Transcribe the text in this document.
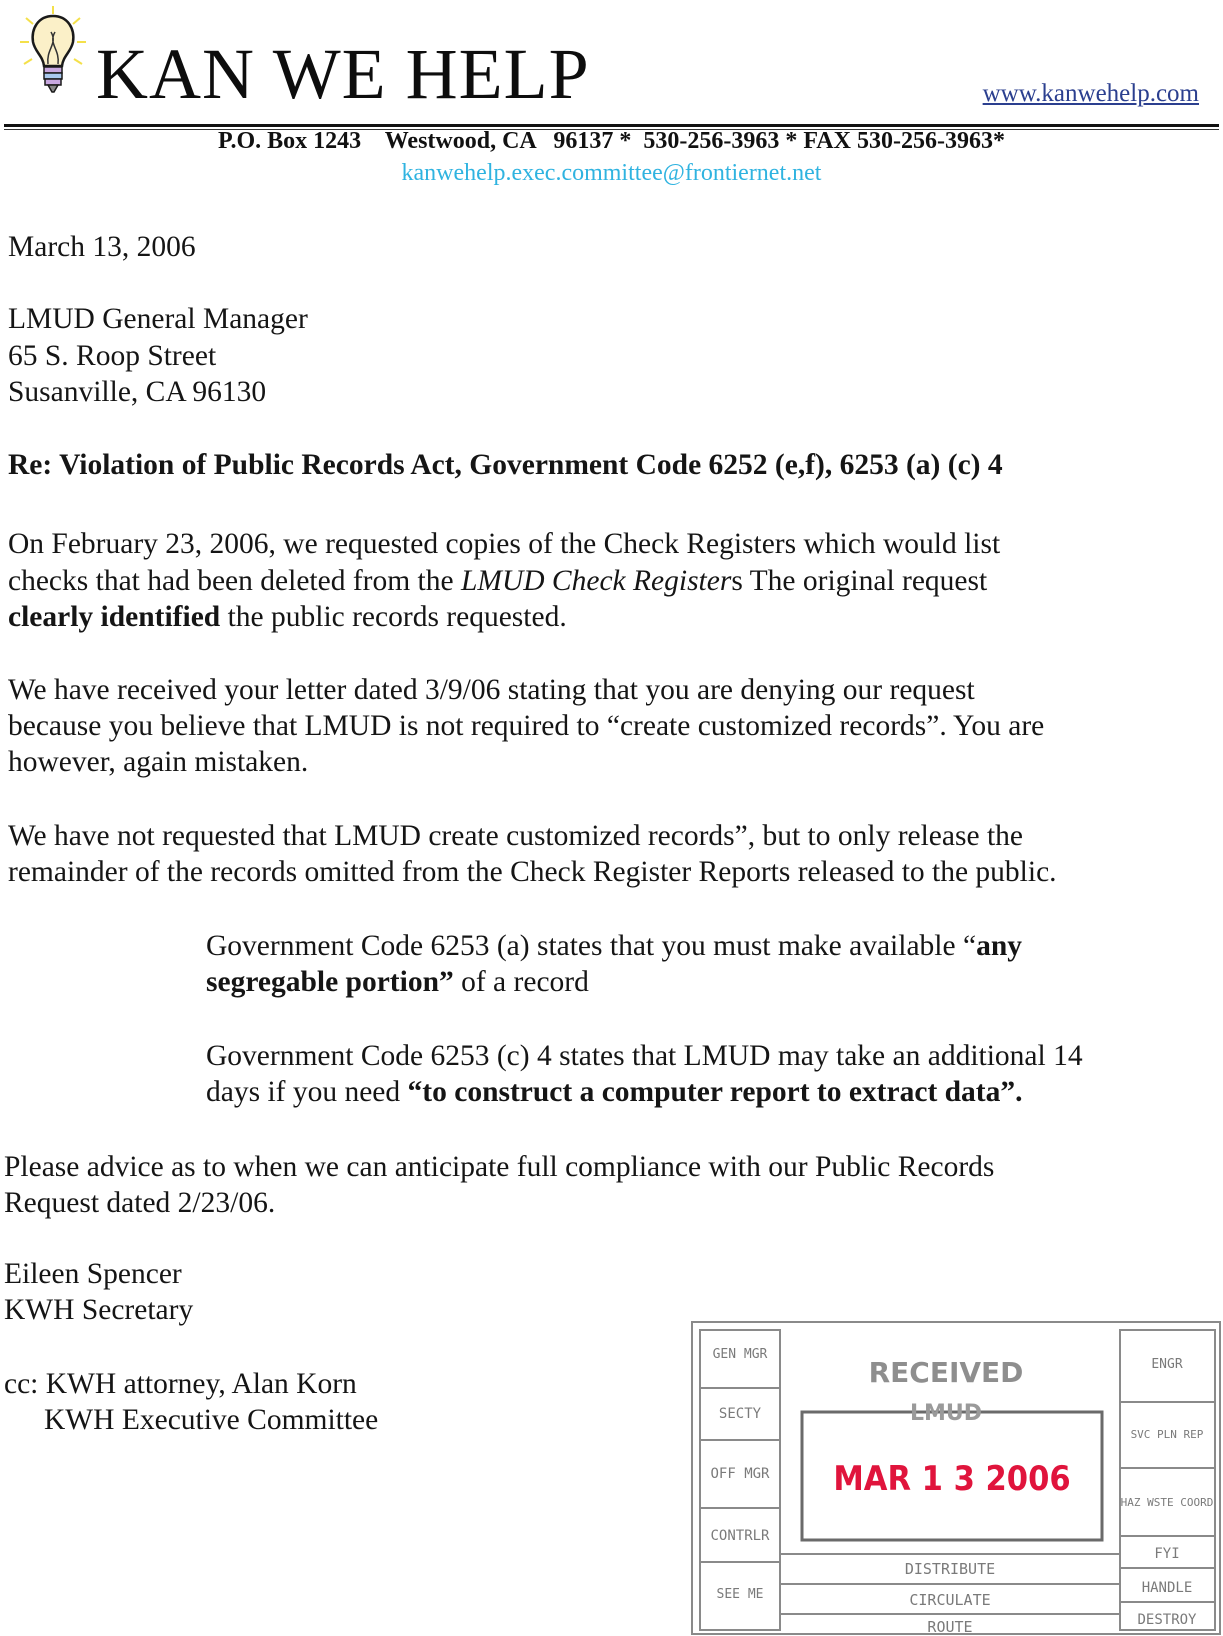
KAN WE HELP	www.kanwehelp.com
P.O. Box 1243    Westwood, CA   96137 *  530-256-3963 * FAX 530-256-3963*
kanwehelp.exec.committee@frontiernet.net
March 13, 2006
LMUD General Manager
65 S. Roop Street
Susanville, CA 96130
Re: Violation of Public Records Act, Government Code 6252 (e,f), 6253 (a) (c) 4
On February 23, 2006, we requested copies of the Check Registers which would list
checks that had been deleted from the LMUD Check Registers The original request
clearly identified the public records requested.
We have received your letter dated 3/9/06 stating that you are denying our request
because you believe that LMUD is not required to “create customized records”. You are
however, again mistaken.
We have not requested that LMUD create customized records”, but to only release the
remainder of the records omitted from the Check Register Reports released to the public.
Government Code 6253 (a) states that you must make available “any
segregable portion” of a record
Government Code 6253 (c) 4 states that LMUD may take an additional 14
days if you need “to construct a computer report to extract data”.
Please advice as to when we can anticipate full compliance with our Public Records
Request dated 2/23/06.
Eileen Spencer
KWH Secretary
cc: KWH attorney, Alan Korn
KWH Executive Committee
RECEIVED
LMUD
MAR 1 3 2006
GEN MGR
SECTY
OFF MGR
CONTRLR
SEE ME
ENGR
SVC PLN REP
HAZ WSTE COORD
FYI
HANDLE
DESTROY
DISTRIBUTE
CIRCULATE
ROUTE
